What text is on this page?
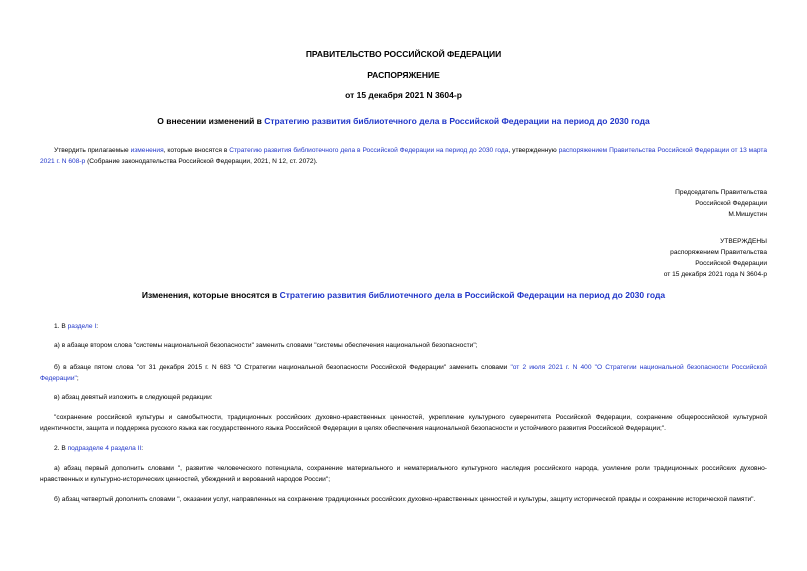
ПРАВИТЕЛЬСТВО РОССИЙСКОЙ ФЕДЕРАЦИИ

РАСПОРЯЖЕНИЕ

от 15 декабря 2021 N 3604-р

О внесении изменений в Стратегию развития библиотечного дела в Российской Федерации на период до 2030 года

Утвердить прилагаемые изменения, которые вносятся в Стратегию развития библиотечного дела в Российской Федерации на период до 2030 года, утвержденную распоряжением Правительства Российской Федерации от 13 марта 2021 г. N 608-р (Собрание законодательства Российской Федерации, 2021, N 12, ст. 2072).

Председатель Правительства
Российской Федерации
М.Мишустин
УТВЕРЖДЕНЫ
распоряжением Правительства
Российской Федерации
от 15 декабря 2021 года N 3604-р

Изменения, которые вносятся в Стратегию развития библиотечного дела в Российской Федерации на период до 2030 года

1. В разделе I:

а) в абзаце втором слова "системы национальной безопасности" заменить словами "системы обеспечения национальной безопасности";

б) в абзаце пятом слова "от 31 декабря 2015 г. N 683 "О Стратегии национальной безопасности Российской Федерации" заменить словами "от 2 июля 2021 г. N 400 "О Стратегии национальной безопасности Российской Федерации";

в) абзац девятый изложить в следующей редакции:

"сохранение российской культуры и самобытности, традиционных российских духовно-нравственных ценностей, укрепление культурного суверенитета Российской Федерации, сохранение общероссийской культурной идентичности, защита и поддержка русского языка как государственного языка Российской Федерации в целях обеспечения национальной безопасности и устойчивого развития Российской Федерации;".

2. В подразделе 4 раздела II:

а) абзац первый дополнить словами ", развитие человеческого потенциала, сохранение материального и нематериального культурного наследия российского народа, усиление роли традиционных российских духовно-нравственных и культурно-исторических ценностей, убеждений и верований народов России";

б) абзац четвертый дополнить словами ", оказании услуг, направленных на сохранение традиционных российских духовно-нравственных ценностей и культуры, защиту исторической правды и сохранение исторической памяти".
